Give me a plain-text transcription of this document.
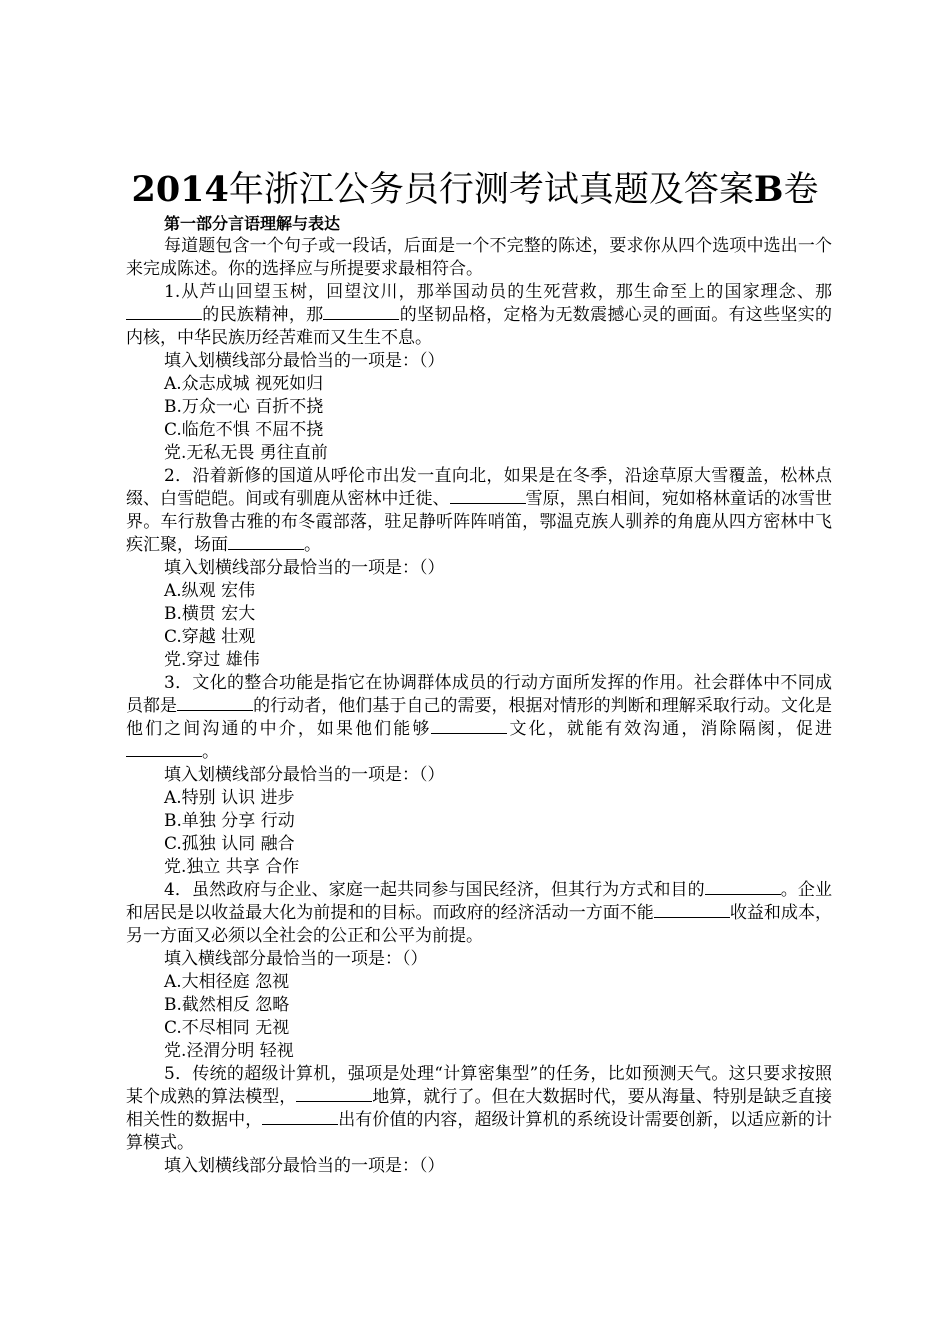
2014年浙江公务员行测考试真题及答案B卷

第一部分言语理解与表达

每道题包含一个句子或一段话，后面是一个不完整的陈述，要求你从四个选项中选出一个来完成陈述。你的选择应与所提要求最相符合。

1.从芦山回望玉树，回望汶川，那举国动员的生死营救，那生命至上的国家理念、那的民族精神，那	的坚韧品格，定格为无数震撼心灵的画面。有这些坚实的内核，中华民族历经苦难而又生生不息。

填入划横线部分最恰当的一项是：（）

A.众志成城 视死如归

B.万众一心 百折不挠

C.临危不惧 不屈不挠

党.无私无畏 勇往直前

2．沿着新修的国道从呼伦市出发一直向北，如果是在冬季，沿途草原大雪覆盖，松林点缀、白雪皑皑。间或有驯鹿从密林中迁徙、	雪原，黑白相间，宛如格林童话的冰雪世界。车行敖鲁古雅的布冬霞部落，驻足静听阵阵哨笛，鄂温克族人驯养的角鹿从四方密林中飞疾汇聚，场面	。

填入划横线部分最恰当的一项是：（）

A.纵观 宏伟

B.横贯 宏大

C.穿越 壮观

党.穿过 雄伟

3．文化的整合功能是指它在协调群体成员的行动方面所发挥的作用。社会群体中不同成员都是	的行动者，他们基于自己的需要，根据对情形的判断和理解采取行动。文化是他们之间沟通的中介，如果他们能够	文化，就能有效沟通，消除隔阂，促进。

填入划横线部分最恰当的一项是：（）

A.特别 认识 进步

B.单独 分享 行动

C.孤独 认同 融合

党.独立 共享 合作

4．虽然政府与企业、家庭一起共同参与国民经济，但其行为方式和目的	。企业和居民是以收益最大化为前提和的目标。而政府的经济活动一方面不能	收益和成本，另一方面又必须以全社会的公正和公平为前提。

填入横线部分最恰当的一项是：（）

A.大相径庭 忽视

B.截然相反 忽略

C.不尽相同 无视

党.泾渭分明 轻视

5．传统的超级计算机，强项是处理“计算密集型”的任务，比如预测天气。这只要求按照某个成熟的算法模型，	地算，就行了。但在大数据时代，要从海量、特别是缺乏直接相关性的数据中，	出有价值的内容，超级计算机的系统设计需要创新，以适应新的计算模式。

填入划横线部分最恰当的一项是：（）
